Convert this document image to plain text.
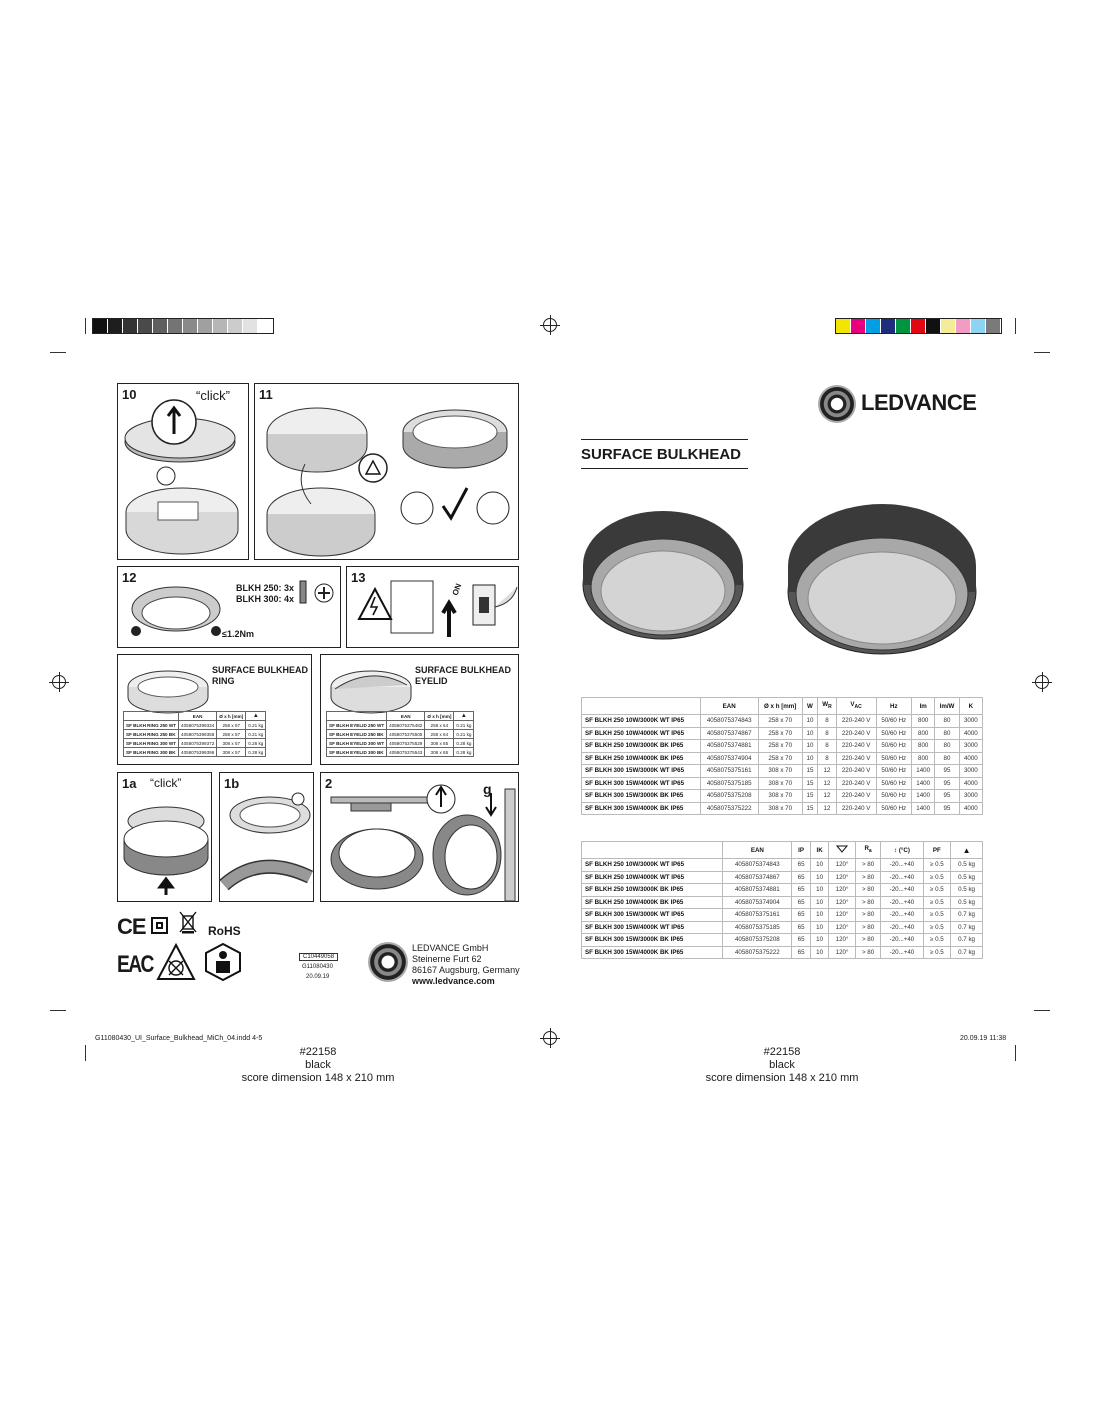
10	“click” 11
12
BLKH 250: 3x
BLKH 300: 4x
≤1.2Nm
13
ON
SURFACE BULKHEAD
RING
	EAN	Ø x h [mm]	▲
SF BLKH RING 250 WT	4058075399334	258 x 57	0.21 kg
SF BLKH RING 250 BK	4058075399358	258 x 57	0.21 kg
SF BLKH RING 300 WT	4058075399372	308 x 57	0.28 kg
SF BLKH RING 300 BK	4058075399396	308 x 57	0.28 kg
SURFACE BULKHEAD
EYELID
	EAN	Ø x h [mm]	▲
SF BLKH EYELID 250 WT	4058075375482	258 x 64	0.21 kg
SF BLKH EYELID 250 BK	4058075375505	258 x 64	0.21 kg
SF BLKH EYELID 300 WT	4058075375529	308 x 65	0.28 kg
SF BLKH EYELID 300 BK	4058075375543	308 x 65	0.28 kg
1a “click”	1b	2	g
CE	RoHS
EAC	C10449058
G11080430
20.09.19
LEDVANCE GmbH
Steinerne Furt 62
86167 Augsburg, Germany
www.ledvance.com
LEDVANCE
SURFACE BULKHEAD
	EAN	Ø x h [mm]	W	$W_R$	$V_{AC}$	Hz	lm	lm/W	K
SF BLKH 250 10W/3000K WT IP65	4058075374843	258 x 70	10	8	220-240 V	50/60 Hz	800	80	3000
SF BLKH 250 10W/4000K WT IP65	4058075374867	258 x 70	10	8	220-240 V	50/60 Hz	800	80	4000
SF BLKH 250 10W/3000K BK IP65	4058075374881	258 x 70	10	8	220-240 V	50/60 Hz	800	80	3000
SF BLKH 250 10W/4000K BK IP65	4058075374904	258 x 70	10	8	220-240 V	50/60 Hz	800	80	4000
SF BLKH 300 15W/3000K WT IP65	4058075375161	308 x 70	15	12	220-240 V	50/60 Hz	1400	95	3000
SF BLKH 300 15W/4000K WT IP65	4058075375185	308 x 70	15	12	220-240 V	50/60 Hz	1400	95	4000
SF BLKH 300 15W/3000K BK IP65	4058075375208	308 x 70	15	12	220-240 V	50/60 Hz	1400	95	3000
SF BLKH 300 15W/4000K BK IP65	4058075375222	308 x 70	15	12	220-240 V	50/60 Hz	1400	95	4000
	EAN	IP	IK		$R_a$	↕ (°C)	PF	▲
SF BLKH 250 10W/3000K WT IP65	4058075374843	65	10	120°	> 80	-20...+40	≥ 0.5	0.5 kg
SF BLKH 250 10W/4000K WT IP65	4058075374867	65	10	120°	> 80	-20...+40	≥ 0.5	0.5 kg
SF BLKH 250 10W/3000K BK IP65	4058075374881	65	10	120°	> 80	-20...+40	≥ 0.5	0.5 kg
SF BLKH 250 10W/4000K BK IP65	4058075374904	65	10	120°	> 80	-20...+40	≥ 0.5	0.5 kg
SF BLKH 300 15W/3000K WT IP65	4058075375161	65	10	120°	> 80	-20...+40	≥ 0.5	0.7 kg
SF BLKH 300 15W/4000K WT IP65	4058075375185	65	10	120°	> 80	-20...+40	≥ 0.5	0.7 kg
SF BLKH 300 15W/3000K BK IP65	4058075375208	65	10	120°	> 80	-20...+40	≥ 0.5	0.7 kg
SF BLKH 300 15W/4000K BK IP65	4058075375222	65	10	120°	> 80	-20...+40	≥ 0.5	0.7 kg
G11080430_UI_Surface_Bulkhead_MiCh_04.indd 4-5	20.09.19 11:38
#22158
black
score dimension 148 x 210 mm
#22158
black
score dimension 148 x 210 mm
